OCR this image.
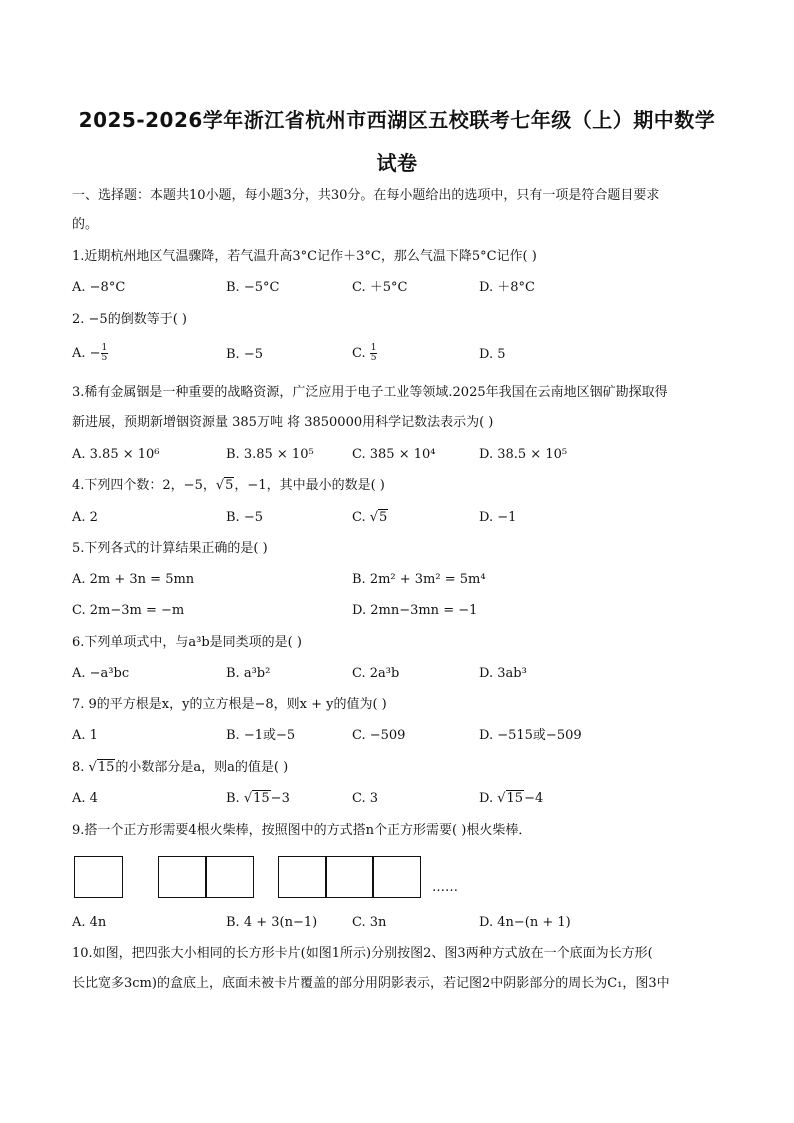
2025-2026学年浙江省杭州市西湖区五校联考七年级（上）期中数学
试卷
一、选择题：本题共10小题，每小题3分，共30分。在每小题给出的选项中，只有一项是符合题目要求
的。
1.近期杭州地区气温骤降，若气温升高3°C记作＋3°C，那么气温下降5°C记作( )
A. −8°C	B. −5°C	C. ＋5°C	D. ＋8°C
2. −5的倒数等于( )
A. − $\frac{1}{5}$	B. −5	C. $\frac{1}{5}$	D. 5
3.稀有金属铟是一种重要的战略资源，广泛应用于电子工业等领域.2025年我国在云南地区铟矿勘探取得
新进展，预期新增铟资源量 385万吨 将 3850000用科学记数法表示为( )
A. 3.85 × 10⁶	B. 3.85 × 10⁵	C. 385 × 10⁴	D. 38.5 × 10⁵
4.下列四个数：2，−5，√5，−1，其中最小的数是( )
A. 2	B. −5	C. √5	D. −1
5.下列各式的计算结果正确的是( )
A. 2m + 3n = 5mn	B. 2m² + 3m² = 5m⁴
C. 2m−3m = −m	D. 2mn−3mn = −1
6.下列单项式中，与a³b是同类项的是( )
A. −a³bc	B. a³b²	C. 2a³b	D. 3ab³
7. 9的平方根是x，y的立方根是−8，则x + y的值为( )
A. 1	B. −1或−5	C. −509	D. −515或−509
8. √15的小数部分是a，则a的值是( )
A. 4	B. √15−3	C. 3	D. √15−4
9.搭一个正方形需要4根火柴棒，按照图中的方式搭n个正方形需要( )根火柴棒．
……
A. 4n	B. 4 + 3(n−1)	C. 3n	D. 4n−(n + 1)
10.如图，把四张大小相同的长方形卡片(如图1所示)分别按图2、图3两种方式放在一个底面为长方形(
长比宽多3cm)的盒底上，底面未被卡片覆盖的部分用阴影表示，若记图2中阴影部分的周长为C₁，图3中
